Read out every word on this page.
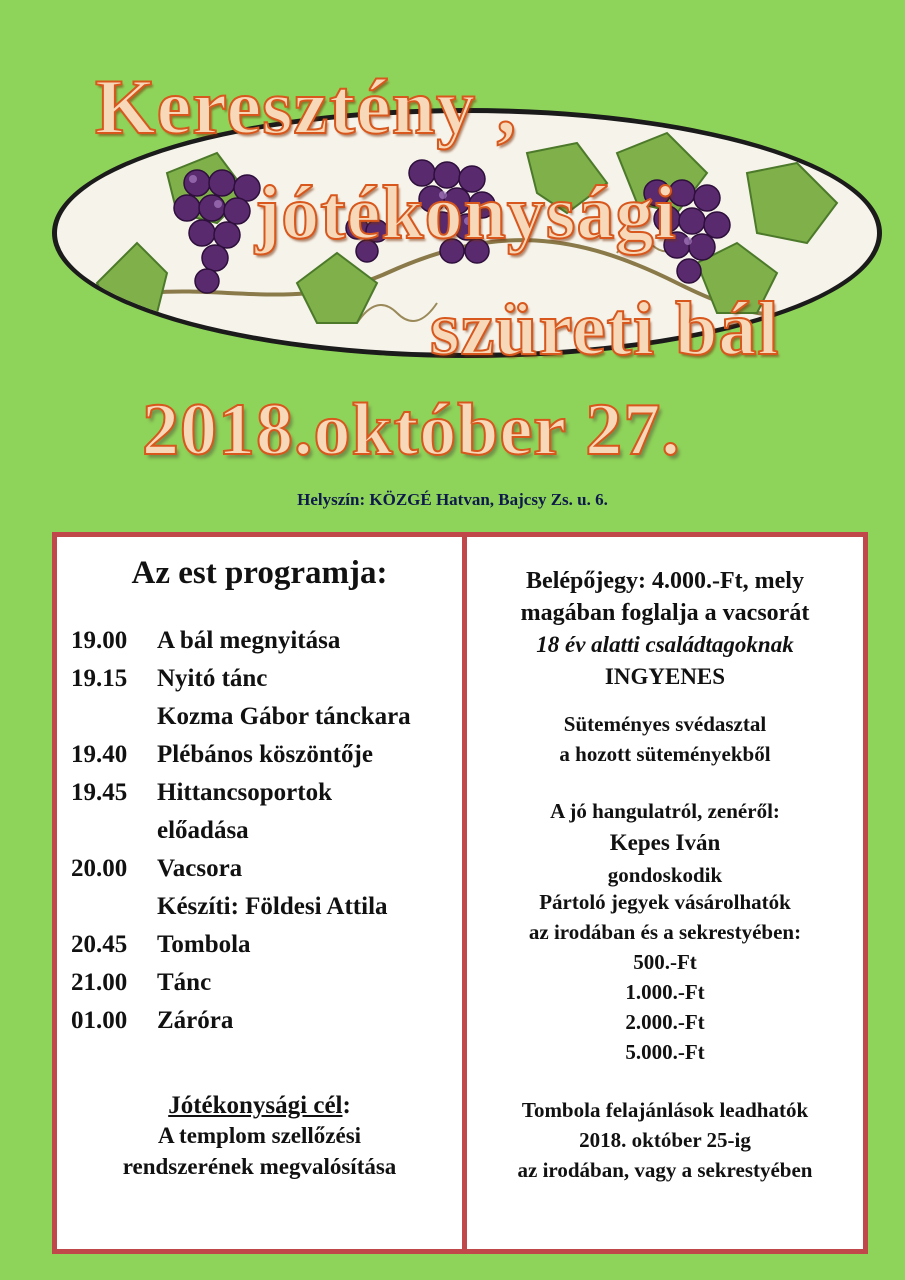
Keresztény ,
jótékonysági
szüreti bál
2018.október 27.
Helyszín: KÖZGÉ Hatvan, Bajcsy Zs. u. 6.
Az est programja:
19.00 A bál megnyitása
19.15 Nyitó tánc
Kozma Gábor tánckara
19.40 Plébános köszöntője
19.45 Hittancsoportok
előadása
20.00 Vacsora
Készíti: Földesi Attila
20.45 Tombola
21.00 Tánc
01.00 Záróra
Jótékonysági cél:
A templom szellőzési
rendszerének megvalósítása
Belépőjegy: 4.000.-Ft, mely
magában foglalja a vacsorát
18 év alatti családtagoknak
INGYENES
Süteményes svédasztal
a hozott süteményekből
A jó hangulatról, zenéről:
Kepes Iván
gondoskodik
Pártoló jegyek vásárolhatók
az irodában és a sekrestyében:
500.-Ft
1.000.-Ft
2.000.-Ft
5.000.-Ft
Tombola felajánlások leadhatók
2018. október 25-ig
az irodában, vagy a sekrestyében
